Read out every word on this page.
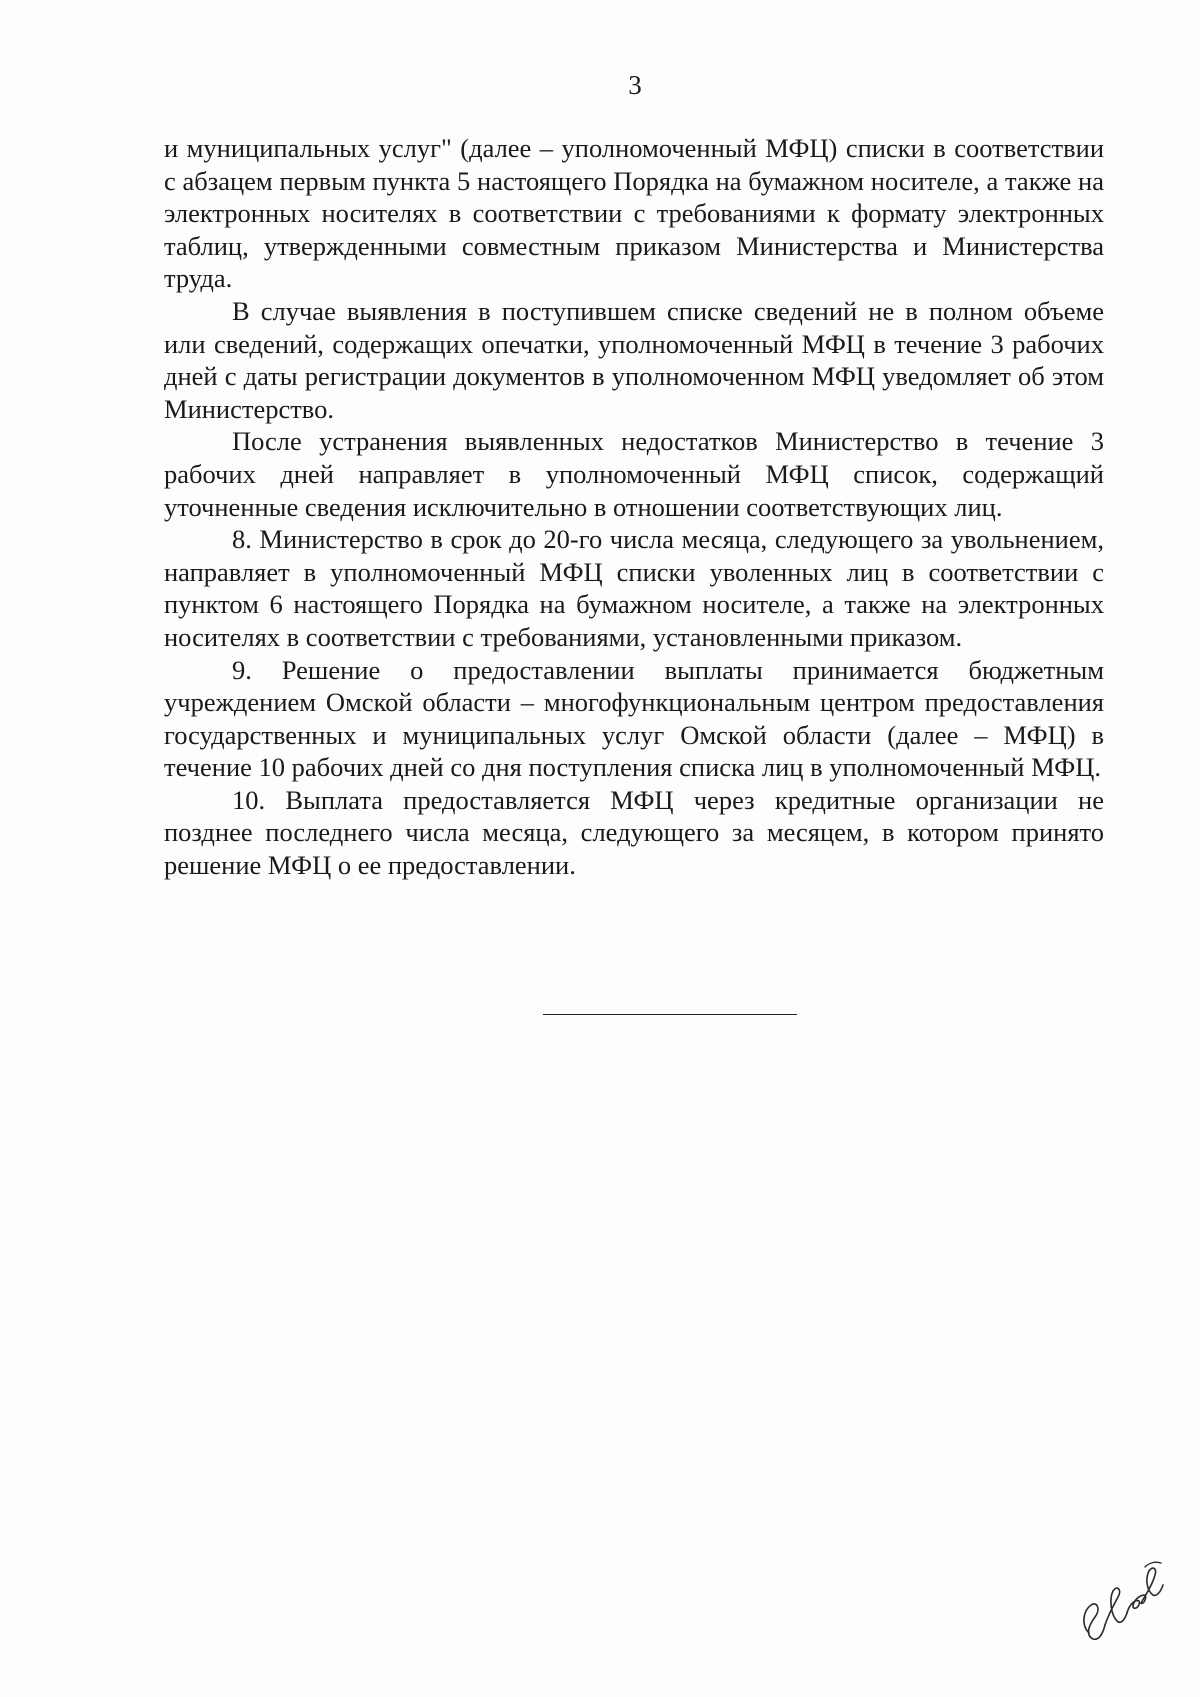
3

и муниципальных услуг" (далее – уполномоченный МФЦ) списки в соответствии с абзацем первым пункта 5 настоящего Порядка на бумажном носителе, а также на электронных носителях в соответствии с требованиями к формату электронных таблиц, утвержденными совместным приказом Министерства и Министерства труда.

В случае выявления в поступившем списке сведений не в полном объеме или сведений, содержащих опечатки, уполномоченный МФЦ в течение 3 рабочих дней с даты регистрации документов в уполномоченном МФЦ уведомляет об этом Министерство.

После устранения выявленных недостатков Министерство в течение 3 рабочих дней направляет в уполномоченный МФЦ список, содержащий уточненные сведения исключительно в отношении соответствующих лиц.

8. Министерство в срок до 20-го числа месяца, следующего за увольнением, направляет в уполномоченный МФЦ списки уволенных лиц в соответствии с пунктом 6 настоящего Порядка на бумажном носителе, а также на электронных носителях в соответствии с требованиями, установленными приказом.

9. Решение о предоставлении выплаты принимается бюджетным учреждением Омской области – многофункциональным центром предоставления государственных и муниципальных услуг Омской области (далее – МФЦ) в течение 10 рабочих дней со дня поступления списка лиц в уполномоченный МФЦ.

10. Выплата предоставляется МФЦ через кредитные организации не позднее последнего числа месяца, следующего за месяцем, в котором принято решение МФЦ о ее предоставлении.
